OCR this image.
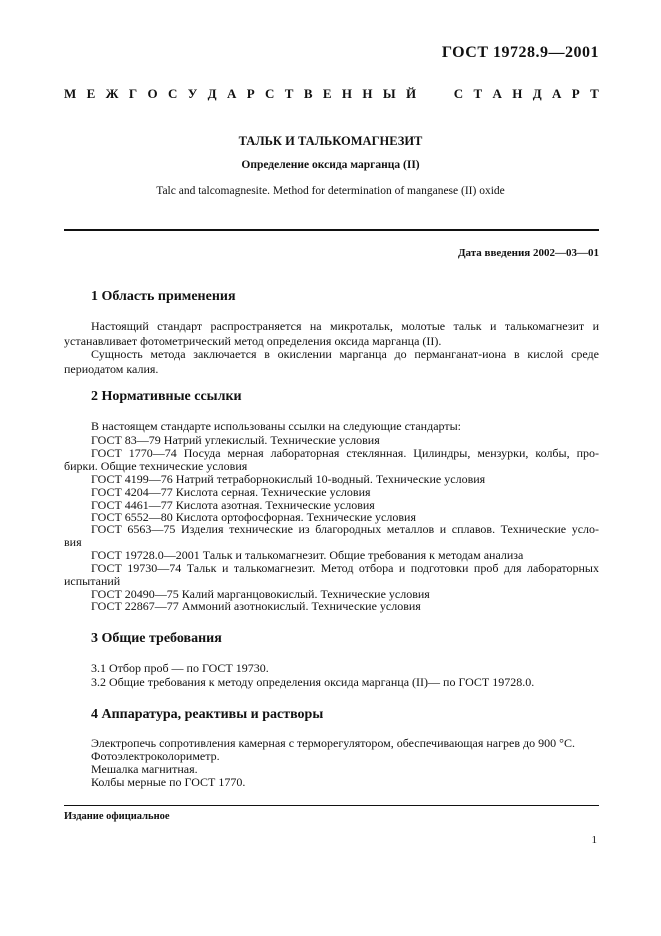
ГОСТ 19728.9—2001
М Е Ж Г О С У Д А Р С Т В Е Н Н Ы Й

	С Т А Н Д А Р Т
ТАЛЬК И ТАЛЬКОМАГНЕЗИТ
Определение оксида марганца (II)
Talc and talcomagnesite. Method for determination of manganese (II) oxide
Дата введения 2002—03—01
1 Область применения
Настоящий стандарт распространяется на микротальк, молотые тальк и талькомагнезит и устанавливает фотометрический метод определения оксида марганца (II).
Сущность метода заключается в окислении марганца до перманганат-иона в кислой среде периодатом калия.
2 Нормативные ссылки
В настоящем стандарте использованы ссылки на следующие стандарты:
ГОСТ 83—79 Натрий углекислый. Технические условия
ГОСТ 1770—74 Посуда мерная лабораторная стеклянная. Цилиндры, мензурки, колбы, про-
бирки. Общие технические условия
ГОСТ 4199—76 Натрий тетраборнокислый 10-водный. Технические условия
ГОСТ 4204—77 Кислота серная. Технические условия
ГОСТ 4461—77 Кислота азотная. Технические условия
ГОСТ 6552—80 Кислота ортофосфорная. Технические условия
ГОСТ 6563—75 Изделия технические из благородных металлов и сплавов. Технические усло-
вия
ГОСТ 19728.0—2001 Тальк и талькомагнезит. Общие требования к методам анализа
ГОСТ 19730—74 Тальк и талькомагнезит. Метод отбора и подготовки проб для лабораторных
испытаний
ГОСТ 20490—75 Калий марганцовокислый. Технические условия
ГОСТ 22867—77 Аммоний азотнокислый. Технические условия
3 Общие требования
3.1 Отбор проб — по ГОСТ 19730.
3.2 Общие требования к методу определения оксида марганца (II)— по ГОСТ 19728.0.
4 Аппаратура, реактивы и растворы
Электропечь сопротивления камерная с терморегулятором, обеспечивающая нагрев до 900 °С.
Фотоэлектроколориметр.
Мешалка магнитная.
Колбы мерные по ГОСТ 1770.
Издание официальное
1
